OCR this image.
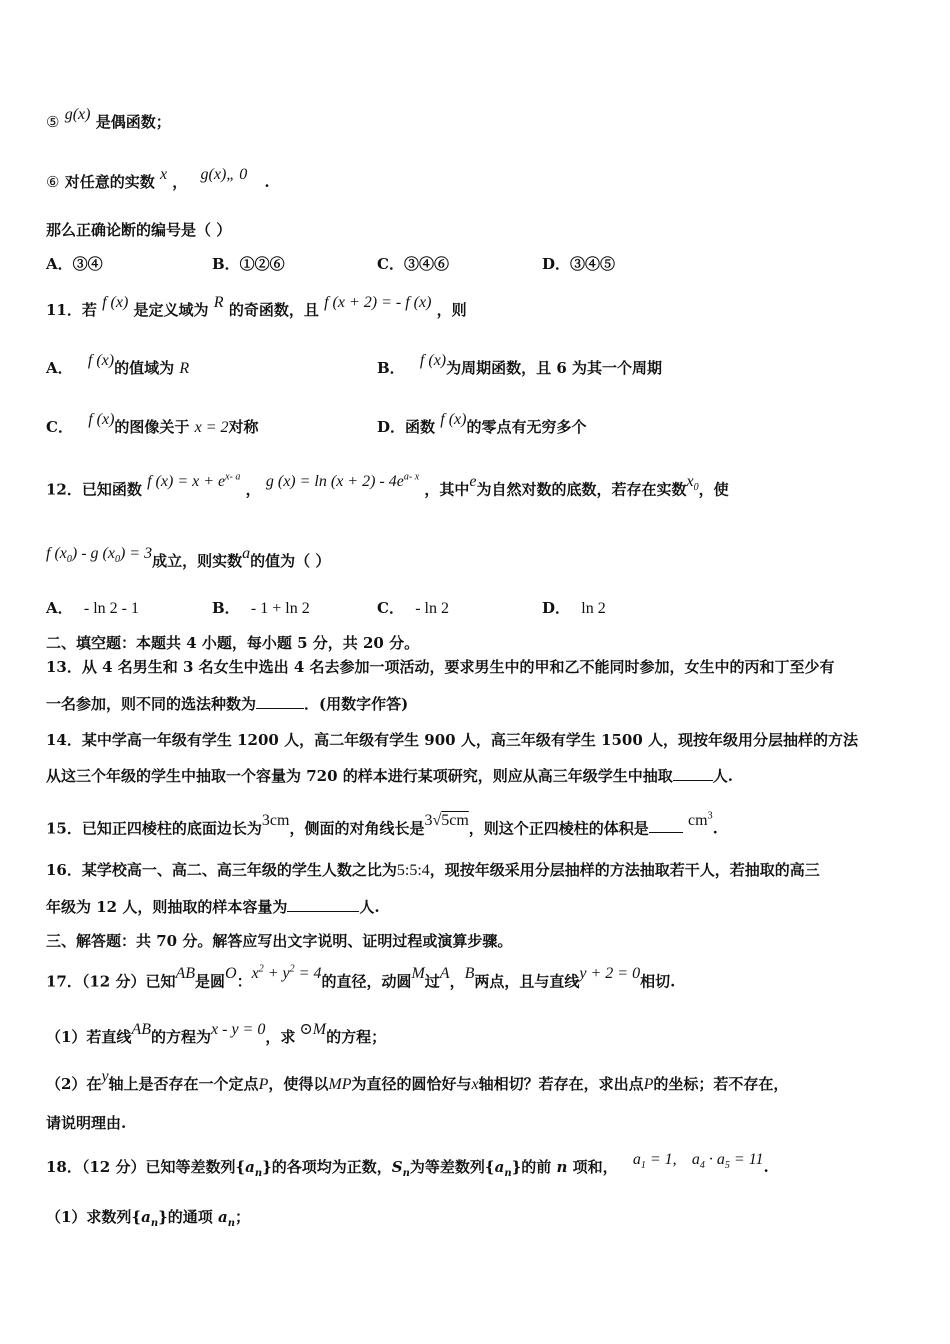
⑤ g(x) 是偶函数；
⑥ 对任意的实数 x ， g(x)„ 0 .
那么正确论断的编号是（ ）
A．③④	B．①②⑥	C．③④⑥	D．③④⑤
11．若 f (x) 是定义域为 R 的奇函数，且 f (x + 2) = - f (x) ，则
A． f (x)的值域为 R	B． f (x)为周期函数，且 6 为其一个周期
C． f (x)的图像关于 x = 2对称	D．函数 f (x)的零点有无穷多个
12．已知函数 f $(x) = x + e^{x- a}$ ， g $(x) = \ln (x + 2) - 4e^{a- x}$ ，其中e为自然对数的底数，若存在实数$x_0$，使
f $(x_0)$ - g $(x_0) = 3$成立，则实数a的值为（ ）
A． - ln 2 - 1	B． - 1 + ln 2	C． - ln 2	D． ln 2
二、填空题：本题共 4 小题，每小题 5 分，共 20 分。
13．从 4 名男生和 3 名女生中选出 4 名去参加一项活动，要求男生中的甲和乙不能同时参加，女生中的丙和丁至少有
一名参加，则不同的选法种数为	．(用数字作答)
14．某中学高一年级有学生 1200 人，高二年级有学生 900 人，高三年级有学生 1500 人，现按年级用分层抽样的方法
从这三个年级的学生中抽取一个容量为 720 的样本进行某项研究，则应从高三年级学生中抽取	人.
15．已知正四棱柱的底面边长为3cm，侧面的对角线长是3√5cm，则这个正四棱柱的体积是 $cm^3$.
16．某学校高一、高二、高三年级的学生人数之比为5:5:4，现按年级采用分层抽样的方法抽取若干人，若抽取的高三
年级为 12 人，则抽取的样本容量为	人.
三、解答题：共 70 分。解答应写出文字说明、证明过程或演算步骤。
17．（12 分）已知AB是圆O：$x^2 + y^2 = 4$的直径，动圆M过A，B两点，且与直线y + 2 = 0相切.
（1）若直线AB的方程为x - y = 0，求 ⊙M的方程；
（2）在y轴上是否存在一个定点P，使得以MP为直径的圆恰好与x轴相切？若存在，求出点P的坐标；若不存在，
请说明理由.
18．（12 分）已知等差数列$\{a_n\}$的各项均为正数，$S_n$为等差数列$\{a_n\}$的前 n 项和， $a_1 = 1$, $a_4 \cdot a_5 = 11$.
（1）求数列$\{a_n\}$的通项 $a_n$；
